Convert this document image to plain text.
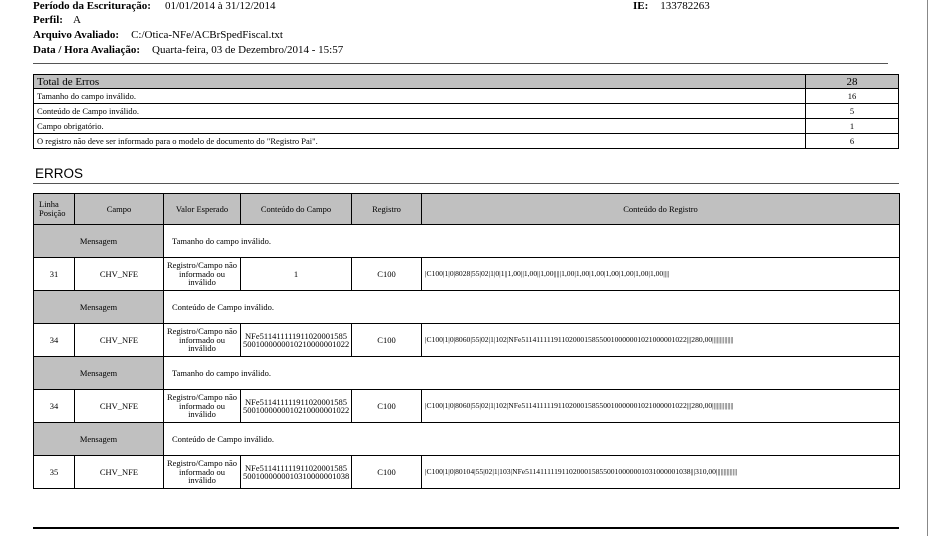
Período da Escrituração: 01/01/2014 à 31/12/2014	IE: 133782263
Perfil: A
Arquivo Avaliado: C:/Otica-NFe/ACBrSpedFiscal.txt
Data / Hora Avaliação: Quarta-feira, 03 de Dezembro/2014 - 15:57
Total de Erros	28
Tamanho do campo inválido.	16
Conteúdo de Campo inválido.	5
Campo obrigatório.	1
O registro não deve ser informado para o modelo de documento do "Registro Pai".	6
ERROS
Linha
Posição	Campo	Valor Esperado	Conteúdo do Campo	Registro	Conteúdo do Registro
Mensagem		Tamanho do campo inválido.			
31	CHV_NFE	Registro/Campo não informado ou inválido	1	C100	|C100|1|0|8028|55|02|1|0|1||1,00||1,00||1,00|||||1,00|1,00|1,00|1,00|1,00|1,00|1,00||||
Mensagem		Conteúdo de Campo inválido.			
34	CHV_NFE	Registro/Campo não informado ou inválido	NFe511411111911020001585 5001000000010210000001022	C100	|C100|1|0|8060|55|02|1|102|NFe51141111191102000158550010000001021000001022|||280,00||||||||||||||
Mensagem		Tamanho do campo inválido.			
34	CHV_NFE	Registro/Campo não informado ou inválido	NFe511411111911020001585 5001000000010210000001022	C100	|C100|1|0|8060|55|02|1|102|NFe51141111191102000158550010000001021000001022|||280,00||||||||||||||
Mensagem		Conteúdo de Campo inválido.			
35	CHV_NFE	Registro/Campo não informado ou inválido	NFe511411111911020001585 5001000000010310000001038	C100	|C100|1|0|80104|55|02|1|103|NFe51141111191102000158550010000001031000001038|||310,00||||||||||||||
